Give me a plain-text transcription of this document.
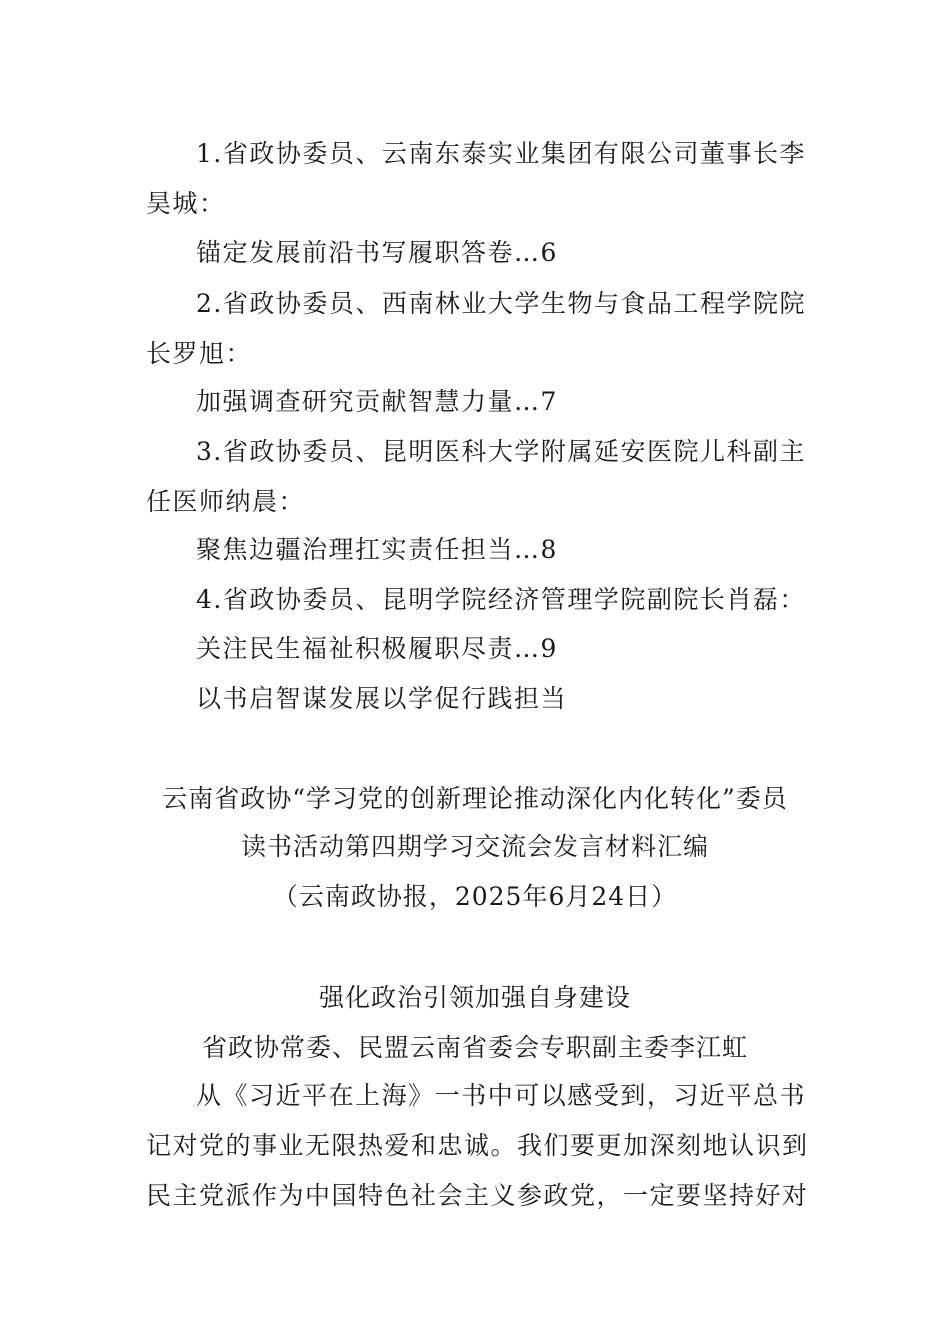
1.省政协委员、云南东泰实业集团有限公司董事长李
昊城：
锚定发展前沿书写履职答卷…6
2.省政协委员、西南林业大学生物与食品工程学院院
长罗旭：
加强调查研究贡献智慧力量…7
3.省政协委员、昆明医科大学附属延安医院儿科副主
任医师纳晨：
聚焦边疆治理扛实责任担当…8
4.省政协委员、昆明学院经济管理学院副院长肖磊：
关注民生福祉积极履职尽责…9
以书启智谋发展以学促行践担当
云南省政协“学习党的创新理论推动深化内化转化”委员
读书活动第四期学习交流会发言材料汇编
（云南政协报，2025年6月24日）
强化政治引领加强自身建设
省政协常委、民盟云南省委会专职副主委李江虹
从《习近平在上海》一书中可以感受到，习近平总书
记对党的事业无限热爱和忠诚。我们要更加深刻地认识到
民主党派作为中国特色社会主义参政党，一定要坚持好对
